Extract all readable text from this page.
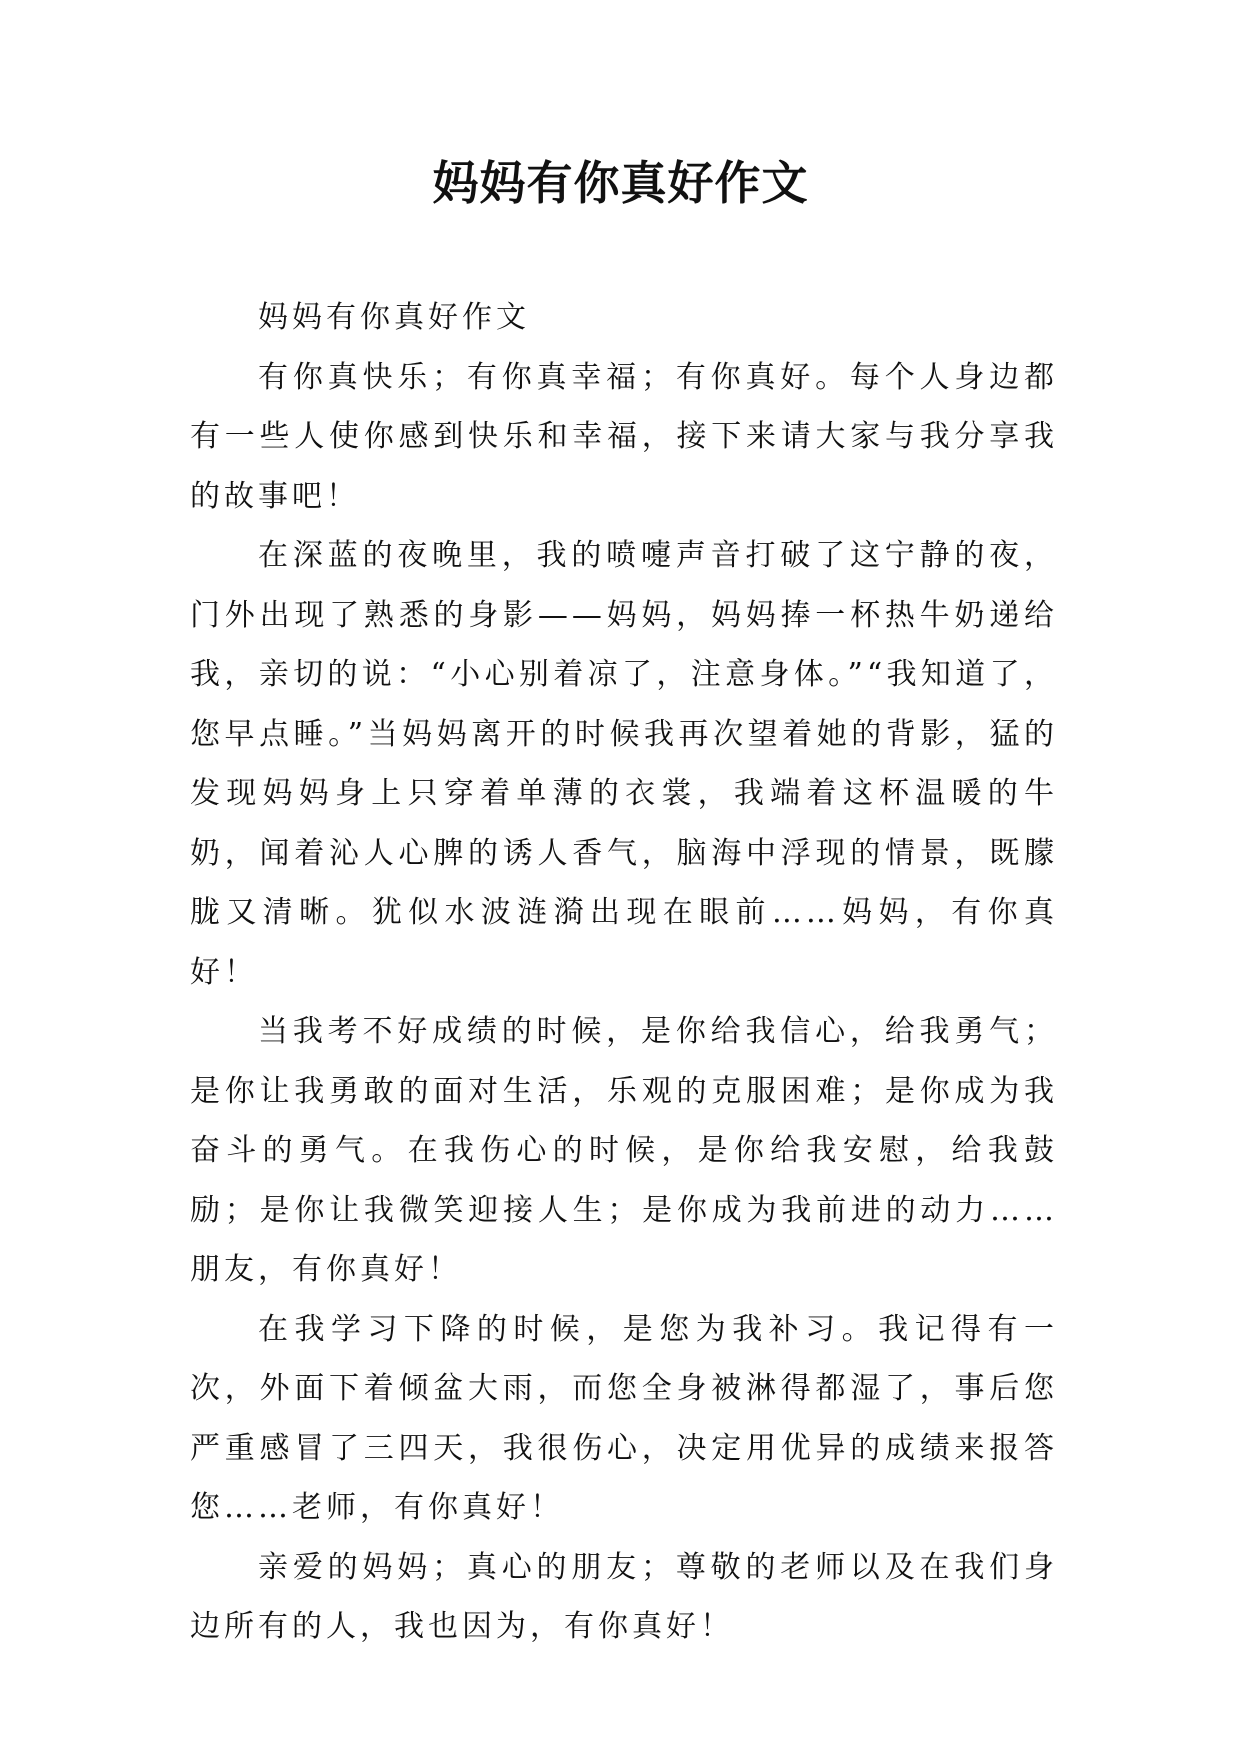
妈妈有你真好作文

妈妈有你真好作文

有你真快乐；有你真幸福；有你真好。每个人身边都有一些人使你感到快乐和幸福，接下来请大家与我分享我的故事吧！

在深蓝的夜晚里，我的喷嚏声音打破了这宁静的夜，门外出现了熟悉的身影——妈妈，妈妈捧一杯热牛奶递给我，亲切的说：“小心别着凉了，注意身体。”“我知道了，您早点睡。”当妈妈离开的时候我再次望着她的背影，猛的发现妈妈身上只穿着单薄的衣裳，我端着这杯温暖的牛奶，闻着沁人心脾的诱人香气，脑海中浮现的情景，既朦胧又清晰。犹似水波涟漪出现在眼前……妈妈，有你真好！

当我考不好成绩的时候，是你给我信心，给我勇气；是你让我勇敢的面对生活，乐观的克服困难；是你成为我奋斗的勇气。在我伤心的时候，是你给我安慰，给我鼓励；是你让我微笑迎接人生；是你成为我前进的动力……朋友，有你真好！

在我学习下降的时候，是您为我补习。我记得有一次，外面下着倾盆大雨，而您全身被淋得都湿了，事后您严重感冒了三四天，我很伤心，决定用优异的成绩来报答您……老师，有你真好！

亲爱的妈妈；真心的朋友；尊敬的老师以及在我们身边所有的人，我也因为，有你真好！
